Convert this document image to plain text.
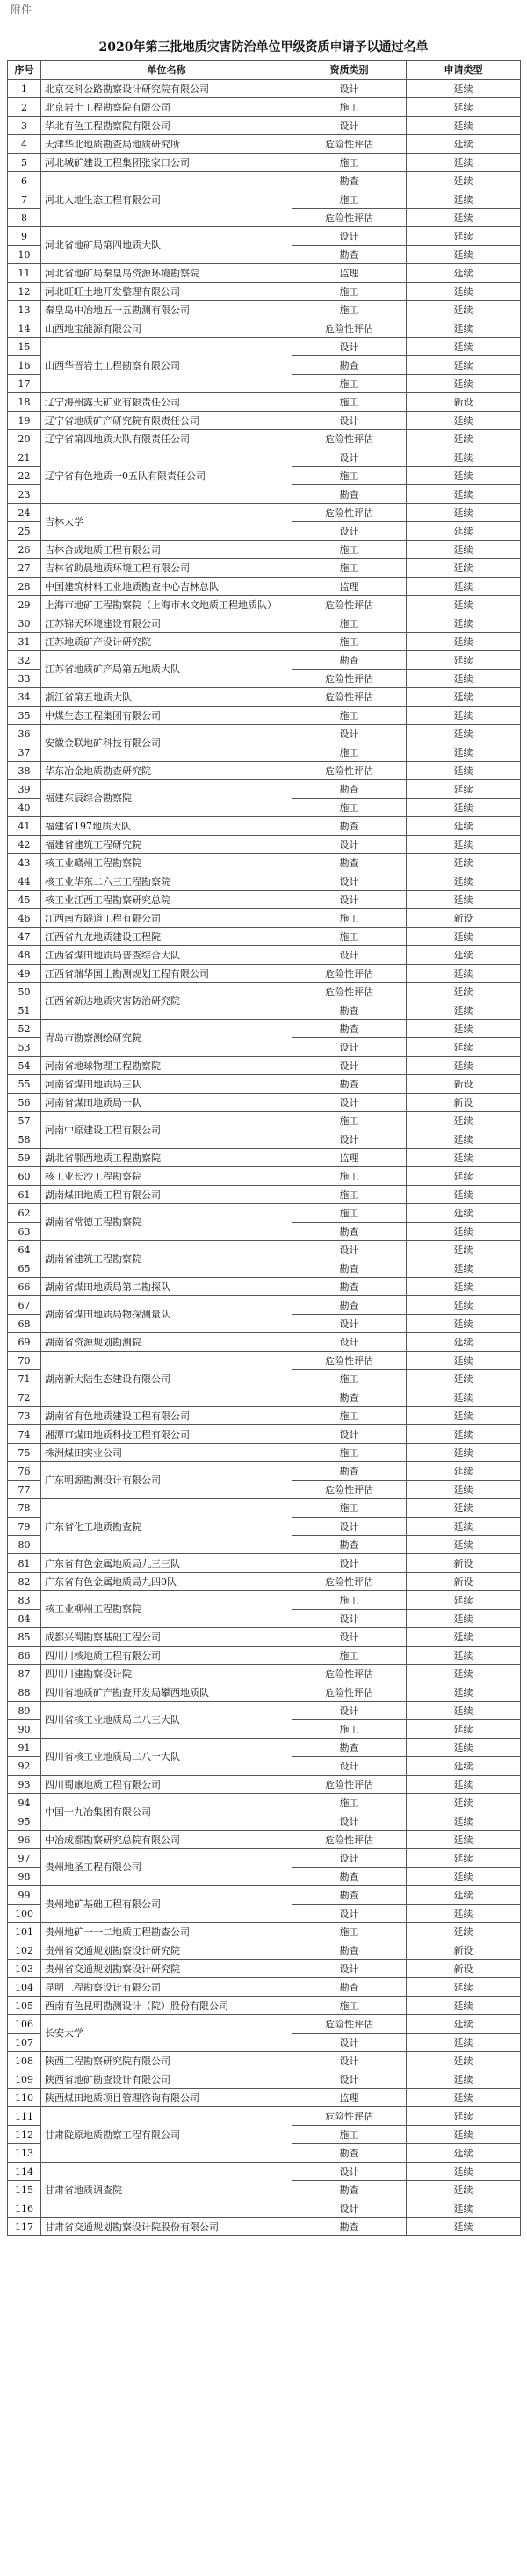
附件
2020年第三批地质灾害防治单位甲级资质申请予以通过名单
序号	单位名称	资质类别	申请类型
1	北京交科公路勘察设计研究院有限公司	设计	延续
2	北京岩土工程勘察院有限公司	施工	延续
3	华北有色工程勘察院有限公司	设计	延续
4	天津华北地质勘查局地质研究所	危险性评估	延续
5	河北城矿建设工程集团张家口公司	施工	延续
6	河北人地生态工程有限公司	勘查	延续
7		施工	延续
8		危险性评估	延续
9	河北省地矿局第四地质大队	设计	延续
10		勘查	延续
11	河北省地矿局秦皇岛资源环境勘察院	监理	延续
12	河北旺旺土地开发整理有限公司	施工	延续
13	秦皇岛中冶地五一五勘测有限公司	施工	延续
14	山西地宝能源有限公司	危险性评估	延续
15	山西华晋岩土工程勘察有限公司	设计	延续
16		勘查	延续
17		施工	延续
18	辽宁海州露天矿业有限责任公司	施工	新设
19	辽宁省地质矿产研究院有限责任公司	设计	延续
20	辽宁省第四地质大队有限责任公司	危险性评估	延续
21	辽宁省有色地质一0五队有限责任公司	设计	延续
22		施工	延续
23		勘查	延续
24	吉林大学	危险性评估	延续
25		设计	延续
26	吉林合成地质工程有限公司	施工	延续
27	吉林省助晨地质环境工程有限公司	施工	延续
28	中国建筑材料工业地质勘查中心吉林总队	监理	延续
29	上海市地矿工程勘察院（上海市水文地质工程地质队）	危险性评估	延续
30	江苏锦天环境建设有限公司	施工	延续
31	江苏地质矿产设计研究院	施工	延续
32	江苏省地质矿产局第五地质大队	勘查	延续
33		危险性评估	延续
34	浙江省第五地质大队	危险性评估	延续
35	中煤生态工程集团有限公司	施工	延续
36	安徽金联地矿科技有限公司	设计	延续
37		施工	延续
38	华东冶金地质勘查研究院	危险性评估	延续
39	福建东辰综合勘察院	勘查	延续
40		施工	延续
41	福建省197地质大队	勘查	延续
42	福建省建筑工程研究院	设计	延续
43	核工业赣州工程勘察院	勘查	延续
44	核工业华东二六三工程勘察院	设计	延续
45	核工业江西工程勘察研究总院	设计	延续
46	江西南方隧道工程有限公司	施工	新设
47	江西省九龙地质建设工程院	施工	延续
48	江西省煤田地质局普查综合大队	设计	延续
49	江西省瑞华国土勘测规划工程有限公司	危险性评估	延续
50	江西省新达地质灾害防治研究院	危险性评估	延续
51		勘查	延续
52	青岛市勘察测绘研究院	勘查	延续
53		设计	延续
54	河南省地球物理工程勘察院	设计	延续
55	河南省煤田地质局三队	勘查	新设
56	河南省煤田地质局一队	设计	新设
57	河南中原建设工程有限公司	施工	延续
58		设计	延续
59	湖北省鄂西地质工程勘察院	监理	延续
60	核工业长沙工程勘察院	施工	延续
61	湖南煤田地质工程有限公司	施工	延续
62	湖南省常德工程勘察院	施工	延续
63		勘查	延续
64	湖南省建筑工程勘察院	设计	延续
65		勘查	延续
66	湖南省煤田地质局第二勘探队	勘查	延续
67	湖南省煤田地质局物探测量队	勘查	延续
68		设计	延续
69	湖南省资源规划勘测院	设计	延续
70	湖南新大陆生态建设有限公司	危险性评估	延续
71		施工	延续
72		勘查	延续
73	湖南省有色地质建设工程有限公司	施工	延续
74	湘潭市煤田地质科技工程有限公司	设计	延续
75	株洲煤田实业公司	施工	延续
76	广东明源勘测设计有限公司	勘查	延续
77		危险性评估	延续
78	广东省化工地质勘查院	施工	延续
79		设计	延续
80		勘查	延续
81	广东省有色金属地质局九三三队	设计	新设
82	广东省有色金属地质局九四0队	危险性评估	新设
83	核工业柳州工程勘察院	施工	延续
84		设计	延续
85	成都兴蜀勘察基础工程公司	设计	延续
86	四川川核地质工程有限公司	施工	延续
87	四川川建勘察设计院	危险性评估	延续
88	四川省地质矿产勘查开发局攀西地质队	危险性评估	延续
89	四川省核工业地质局二八三大队	设计	延续
90		施工	延续
91	四川省核工业地质局二八一大队	勘查	延续
92		设计	延续
93	四川蜀康地质工程有限公司	危险性评估	延续
94	中国十九冶集团有限公司	施工	延续
95		设计	延续
96	中冶成都勘察研究总院有限公司	危险性评估	延续
97	贵州地圣工程有限公司	设计	延续
98		勘查	延续
99	贵州地矿基础工程有限公司	勘查	延续
100		设计	延续
101	贵州地矿一一二地质工程勘查公司	施工	延续
102	贵州省交通规划勘察设计研究院	勘查	新设
103	贵州省交通规划勘察设计研究院	设计	新设
104	昆明工程勘察设计有限公司	勘查	延续
105	西南有色昆明勘测设计（院）股份有限公司	施工	延续
106	长安大学	危险性评估	延续
107		设计	延续
108	陕西工程勘察研究院有限公司	设计	延续
109	陕西省地矿勘查设计有限公司	设计	延续
110	陕西煤田地质项目管理咨询有限公司	监理	延续
111	甘肃陇原地质勘察工程有限公司	危险性评估	延续
112		施工	延续
113		勘查	延续
114	甘肃省地质调查院	设计	延续
115		勘查	延续
116		设计	延续
117	甘肃省交通规划勘察设计院股份有限公司	勘查	延续
